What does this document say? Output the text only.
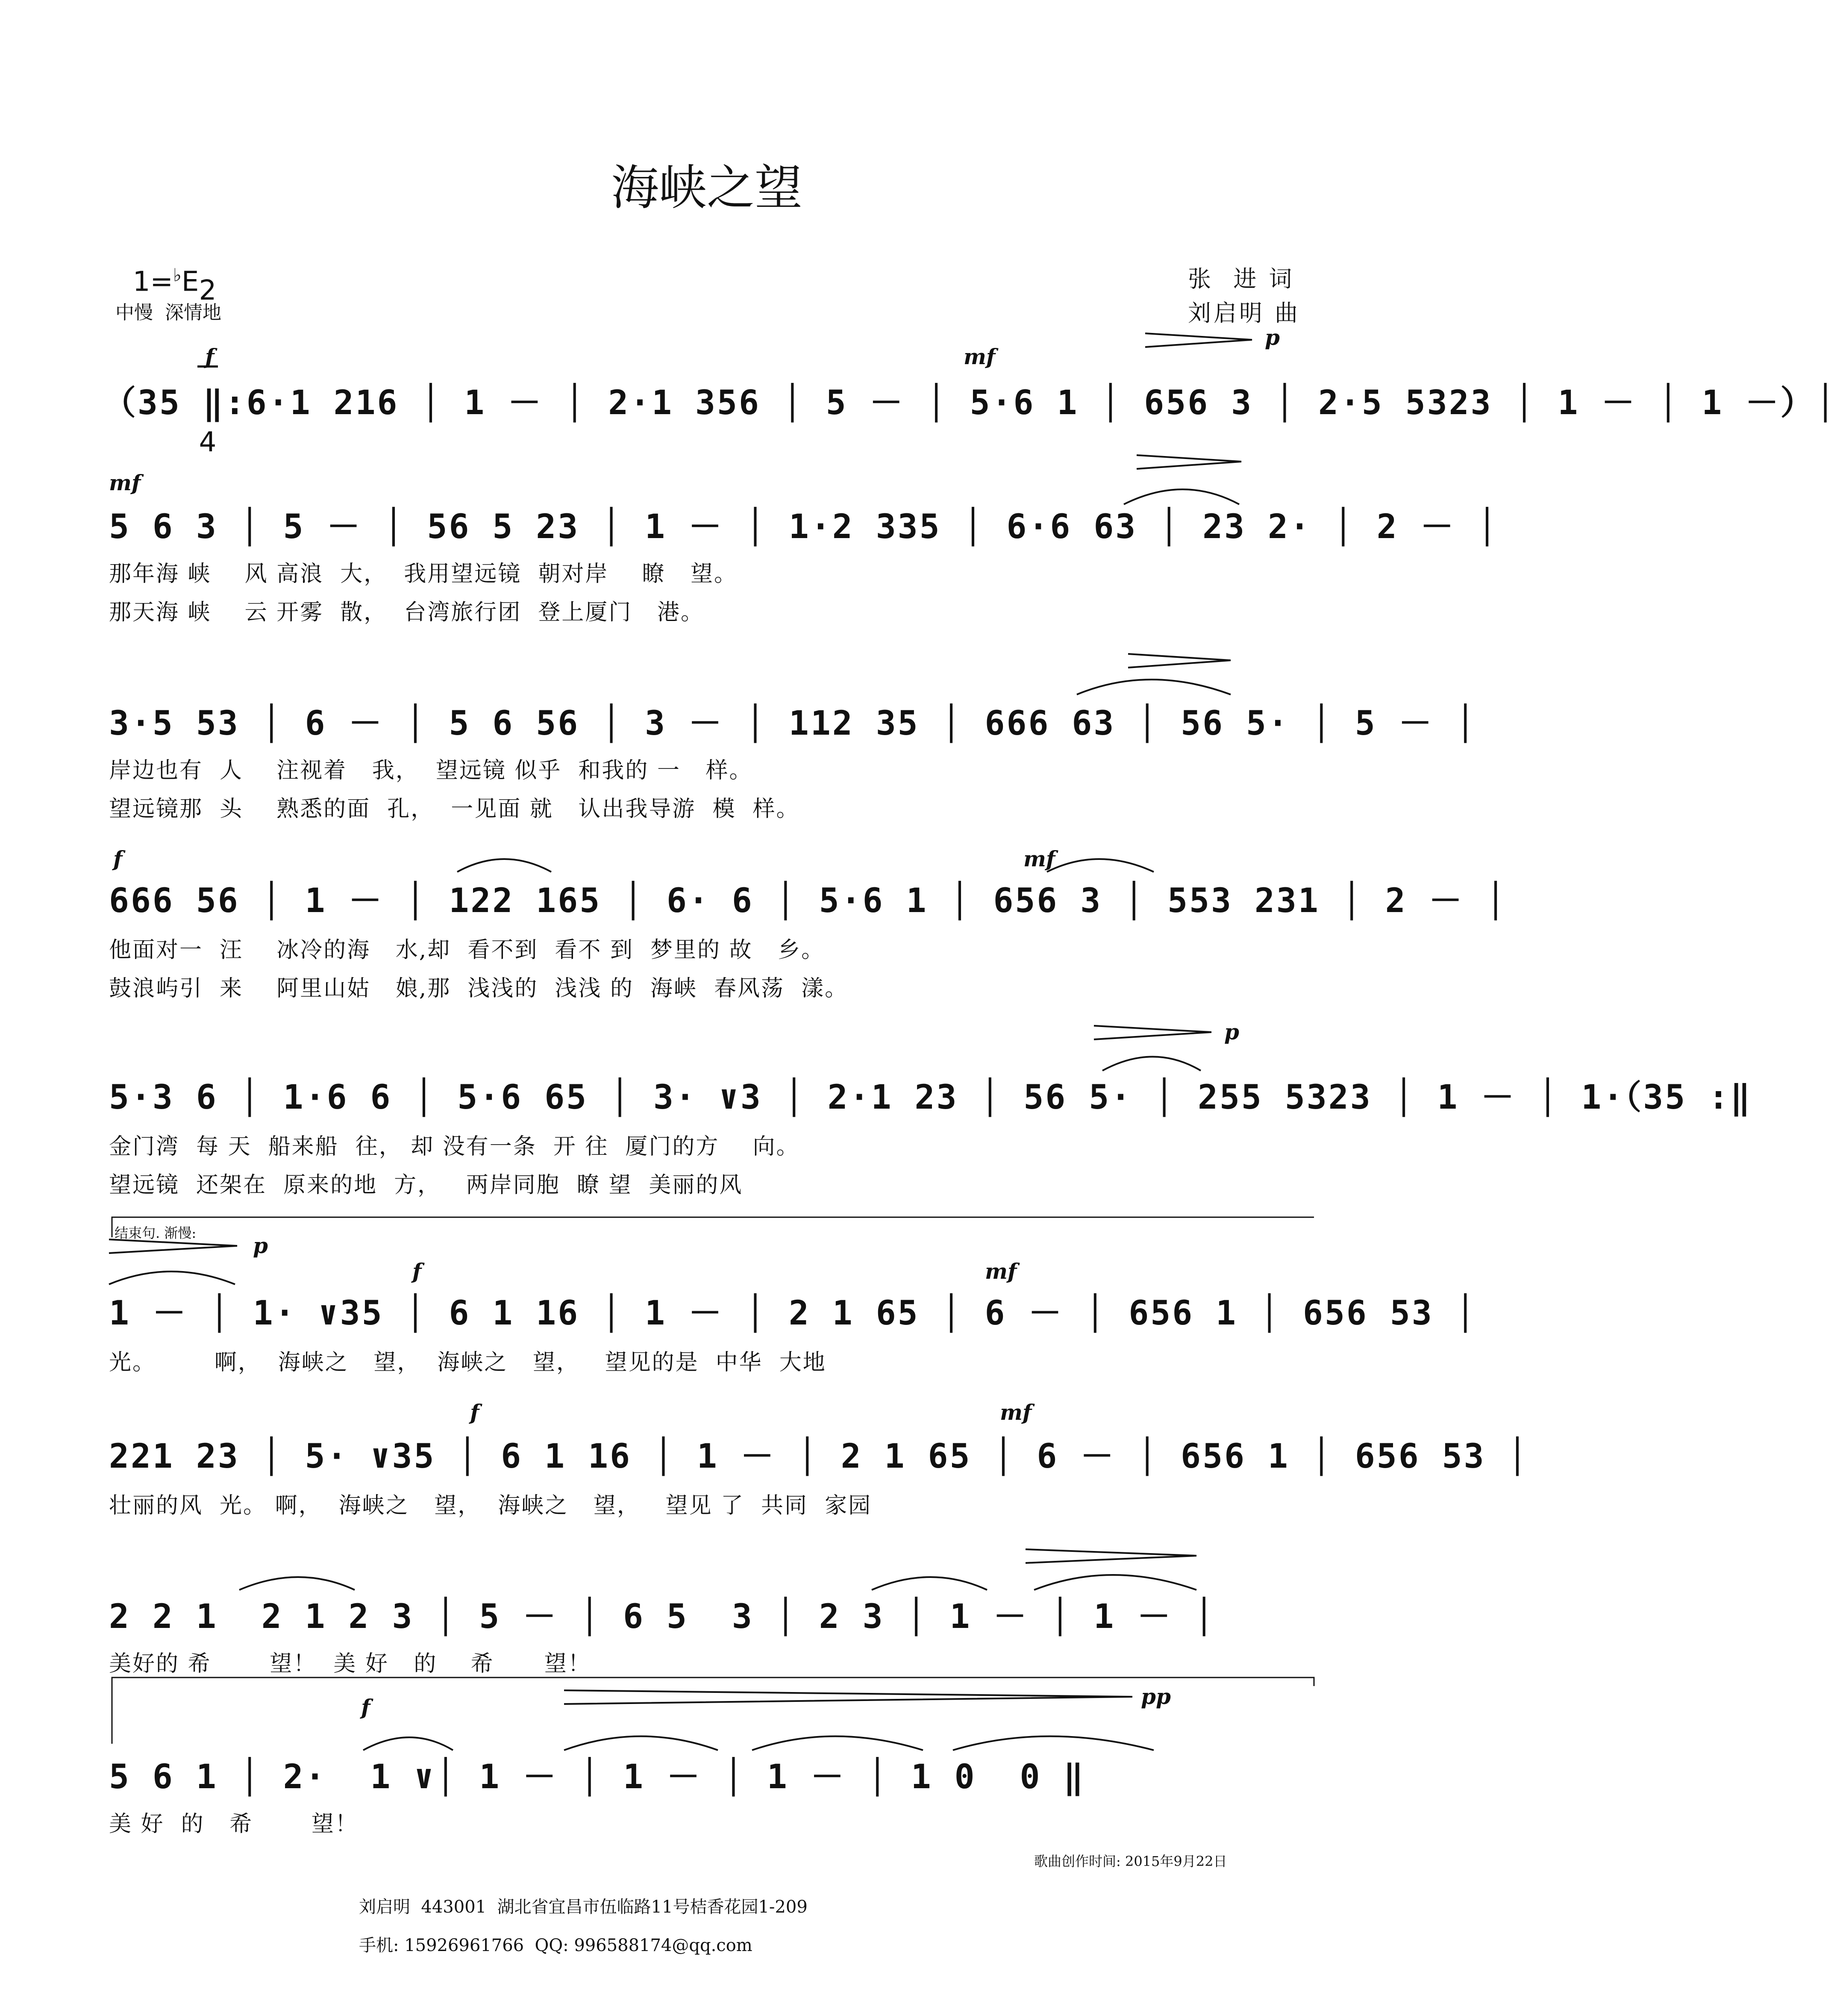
海峡之望

1=♭E

2

4

中慢  深情地
张  进 词
刘启明 曲
f	mf
p
（35 ‖:6·1 216 │ 1 － │ 2·1 356 │ 5 － │ 5·6 1 │ 656 3 │ 2·5 5323 │ 1 － │ 1 －）│
mf
5 6 3 │ 5 － │ 56 5 23 │ 1 － │ 1·2 335 │ 6·6 63 │ 23 2· │ 2 － │
那年海 峡    风 高浪  大，  我用望远镜  朝对岸    瞭   望。
那天海 峡    云 开雾  散，  台湾旅行团  登上厦门   港。
3·5 53 │ 6 － │ 5 6 56 │ 3 － │ 112 35 │ 666 63 │ 56 5· │ 5 － │
岸边也有  人    注视着   我，  望远镜 似乎  和我的 一   样。
望远镜那  头    熟悉的面  孔，  一见面 就   认出我导游  模  样。
f	mf
666 56 │ 1 － │ 122 165 │ 6· 6 │ 5·6 1 │ 656 3 │ 553 231 │ 2 － │
他面对一  汪    冰冷的海   水,却  看不到  看不 到  梦里的 故   乡。
鼓浪屿引  来    阿里山姑   娘,那  浅浅的  浅浅 的  海峡  春风荡  漾。
p
5·3 6 │ 1·6 6 │ 5·6 65 │ 3· ∨3 │ 2·1 23 │ 56 5· │ 255 5323 │ 1 － │ 1·（35 :‖
金门湾  每 天  船来船  往， 却 没有一条  开 往  厦门的方    向。
望远镜  还架在  原来的地  方，   两岸同胞  瞭 望  美丽的风
结束句. 渐慢:	p
f	mf
1 － │ 1· ∨35 │ 6 1 16 │ 1 － │ 2 1 65 │ 6 － │ 656 1 │ 656 53 │
光。       啊，  海峡之   望，  海峡之   望，   望见的是  中华  大地
f	mf
221 23 │ 5· ∨35 │ 6 1 16 │ 1 － │ 2 1 65 │ 6 － │ 656 1 │ 656 53 │
壮丽的风  光。 啊，  海峡之   望，  海峡之   望，   望见 了  共同  家园
2 2 1  2 1 2 3 │ 5 － │ 6 5  3 │ 2 3 │ 1 － │ 1 － │
美好的 希       望！  美 好   的    希      望！
f	pp
5 6 1 │ 2·  1 ∨│ 1 － │ 1 － │ 1 － │ 1 0  0 ‖
美 好  的   希       望！
刘启明  443001  湖北省宜昌市伍临路11号桔香花园1-209
手机: 15926961766  QQ: 996588174@qq.com
歌曲创作时间: 2015年9月22日
